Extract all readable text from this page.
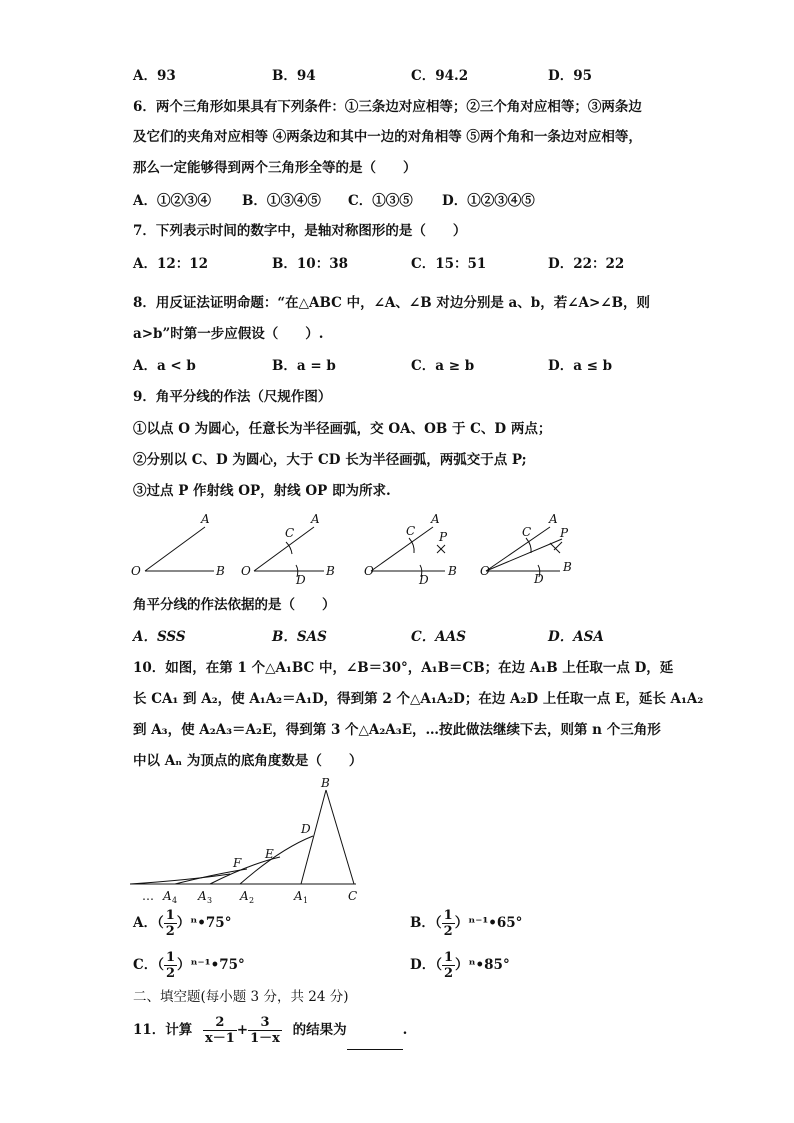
A．93	B．94	C．94.2	D．95
6．两个三角形如果具有下列条件：①三条边对应相等；②三个角对应相等；③两条边
及它们的夹角对应相等 ④两条边和其中一边的对角相等 ⑤两个角和一条边对应相等，
那么一定能够得到两个三角形全等的是（　　）
A．①②③④ B．①③④⑤ C．①③⑤ D．①②③④⑤
7．下列表示时间的数字中，是轴对称图形的是（　　）
A．12：12	B．10：38	C．15：51	D．22：22
8．用反证法证明命题：“在△ABC 中，∠A、∠B 对边分别是 a、b，若∠A>∠B，则
a>b”时第一步应假设（　　）.
A．a < b	B．a = b	C．a ≥ b	D．a ≤ b
9．角平分线的作法（尺规作图）
①以点 O 为圆心，任意长为半径画弧，交 OA、OB 于 C、D 两点；
②分别以 C、D 为圆心，大于 CD 长为半径画弧，两弧交于点 P;
③过点 P 作射线 OP，射线 OP 即为所求.
O
A
B O
A
B
C
D
O
A
B
C
D
P
O
A
B
C
D
P
角平分线的作法依据的是（　　）
A．SSS	B．SAS	C．AAS	D．ASA
10．如图，在第 1 个△A₁BC 中，∠B＝30°，A₁B＝CB；在边 A₁B 上任取一点 D，延
长 CA₁ 到 A₂，使 A₁A₂＝A₁D，得到第 2 个△A₁A₂D；在边 A₂D 上任取一点 E，延长 A₁A₂
到 A₃，使 A₂A₃＝A₂E，得到第 3 个△A₂A₃E，…按此做法继续下去，则第 n 个三角形
中以 Aₙ 为顶点的底角度数是（　　）
B
D
E
F
… A 4 A 3 A 2	A 1	C
A．（ $\frac{1}{2}$ ）ⁿ•75°	B．（ $\frac{1}{2}$ ）ⁿ⁻¹•65°
C．（ $\frac{1}{2}$ ）ⁿ⁻¹•75°	D．（ $\frac{1}{2}$ ）ⁿ•85°
二、填空题(每小题 3 分，共 24 分)
11．计算 $\frac{2}{x-1} + \frac{3}{1-x}$ 的结果为	.
